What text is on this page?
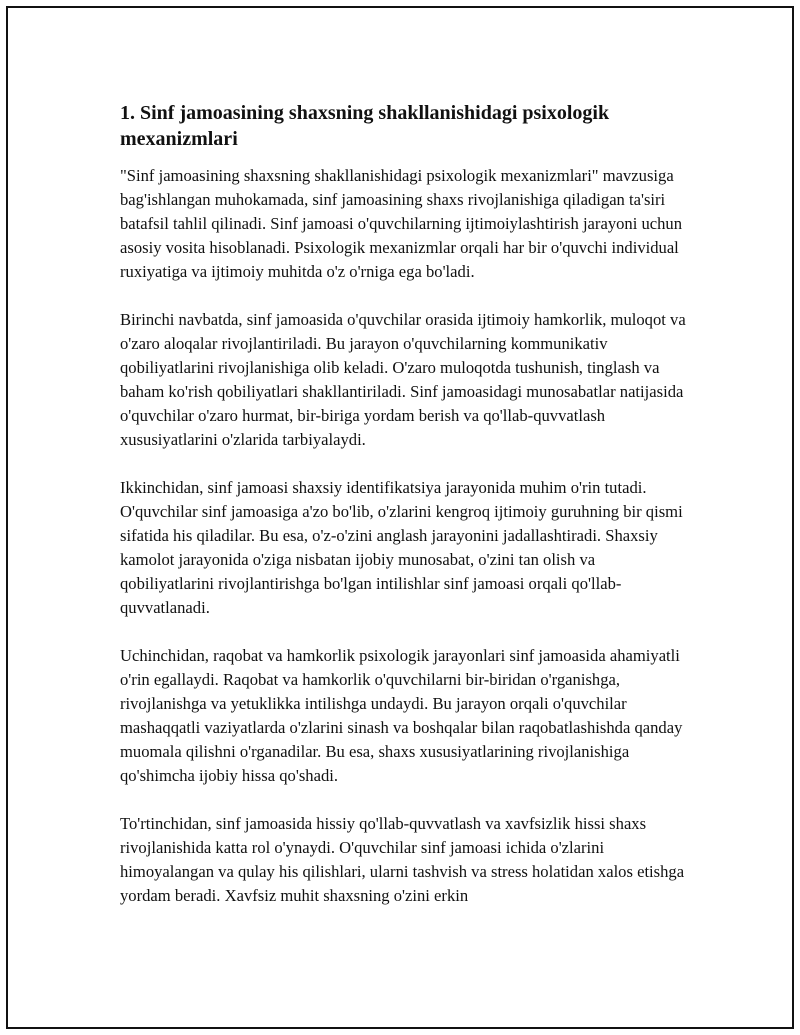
1. Sinf jamoasining shaxsning shakllanishidagi psixologik mexanizmlari

"Sinf jamoasining shaxsning shakllanishidagi psixologik mexanizmlari" mavzusiga bag'ishlangan muhokamada, sinf jamoasining shaxs rivojlanishiga qiladigan ta'siri batafsil tahlil qilinadi. Sinf jamoasi o'quvchilarning ijtimoiylashtirish jarayoni uchun asosiy vosita hisoblanadi. Psixologik mexanizmlar orqali har bir o'quvchi individual ruxiyatiga va ijtimoiy muhitda o'z o'rniga ega bo'ladi.

Birinchi navbatda, sinf jamoasida o'quvchilar orasida ijtimoiy hamkorlik, muloqot va o'zaro aloqalar rivojlantiriladi. Bu jarayon o'quvchilarning kommunikativ qobiliyatlarini rivojlanishiga olib keladi. O'zaro muloqotda tushunish, tinglash va baham ko'rish qobiliyatlari shakllantiriladi. Sinf jamoasidagi munosabatlar natijasida o'quvchilar o'zaro hurmat, bir-biriga yordam berish va qo'llab-quvvatlash xususiyatlarini o'zlarida tarbiyalaydi.

Ikkinchidan, sinf jamoasi shaxsiy identifikatsiya jarayonida muhim o'rin tutadi. O'quvchilar sinf jamoasiga a'zo bo'lib, o'zlarini kengroq ijtimoiy guruhning bir qismi sifatida his qiladilar. Bu esa, o'z-o'zini anglash jarayonini jadallashtiradi. Shaxsiy kamolot jarayonida o'ziga nisbatan ijobiy munosabat, o'zini tan olish va qobiliyatlarini rivojlantirishga bo'lgan intilishlar sinf jamoasi orqali qo'llab-quvvatlanadi.

Uchinchidan, raqobat va hamkorlik psixologik jarayonlari sinf jamoasida ahamiyatli o'rin egallaydi. Raqobat va hamkorlik o'quvchilarni bir-biridan o'rganishga, rivojlanishga va yetuklikka intilishga undaydi. Bu jarayon orqali o'quvchilar mashaqqatli vaziyatlarda o'zlarini sinash va boshqalar bilan raqobatlashishda qanday muomala qilishni o'rganadilar. Bu esa, shaxs xususiyatlarining rivojlanishiga qo'shimcha ijobiy hissa qo'shadi.

To'rtinchidan, sinf jamoasida hissiy qo'llab-quvvatlash va xavfsizlik hissi shaxs rivojlanishida katta rol o'ynaydi. O'quvchilar sinf jamoasi ichida o'zlarini himoyalangan va qulay his qilishlari, ularni tashvish va stress holatidan xalos etishga yordam beradi. Xavfsiz muhit shaxsning o'zini erkin
